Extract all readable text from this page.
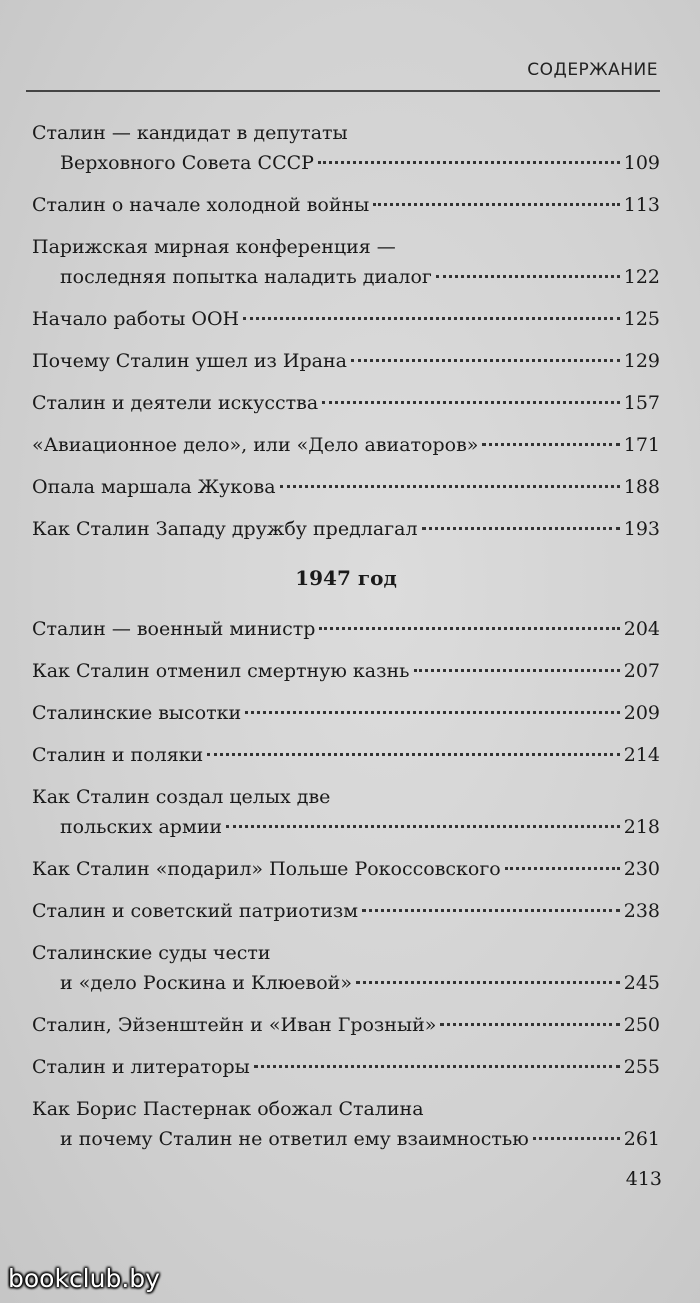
СОДЕРЖАНИЕ
Сталин — кандидат в депутаты
Верховного Совета СССР	109
Сталин о начале холодной войны	113
Парижская мирная конференция —
последняя попытка наладить диалог	122
Начало работы ООН	125
Почему Сталин ушел из Ирана	129
Сталин и деятели искусства	157
«Авиационное дело», или «Дело авиаторов»	171
Опала маршала Жукова	188
Как Сталин Западу дружбу предлагал	193
1947 год
Сталин — военный министр	204
Как Сталин отменил смертную казнь	207
Сталинские высотки	209
Сталин и поляки	214
Как Сталин создал целых две
польских армии	218
Как Сталин «подарил» Польше Рокоссовского	230
Сталин и советский патриотизм	238
Сталинские суды чести
и «дело Роскина и Клюевой»	245
Сталин, Эйзенштейн и «Иван Грозный»	250
Сталин и литераторы	255
Как Борис Пастернак обожал Сталина
и почему Сталин не ответил ему взаимностью	261
413
bookclub.by
